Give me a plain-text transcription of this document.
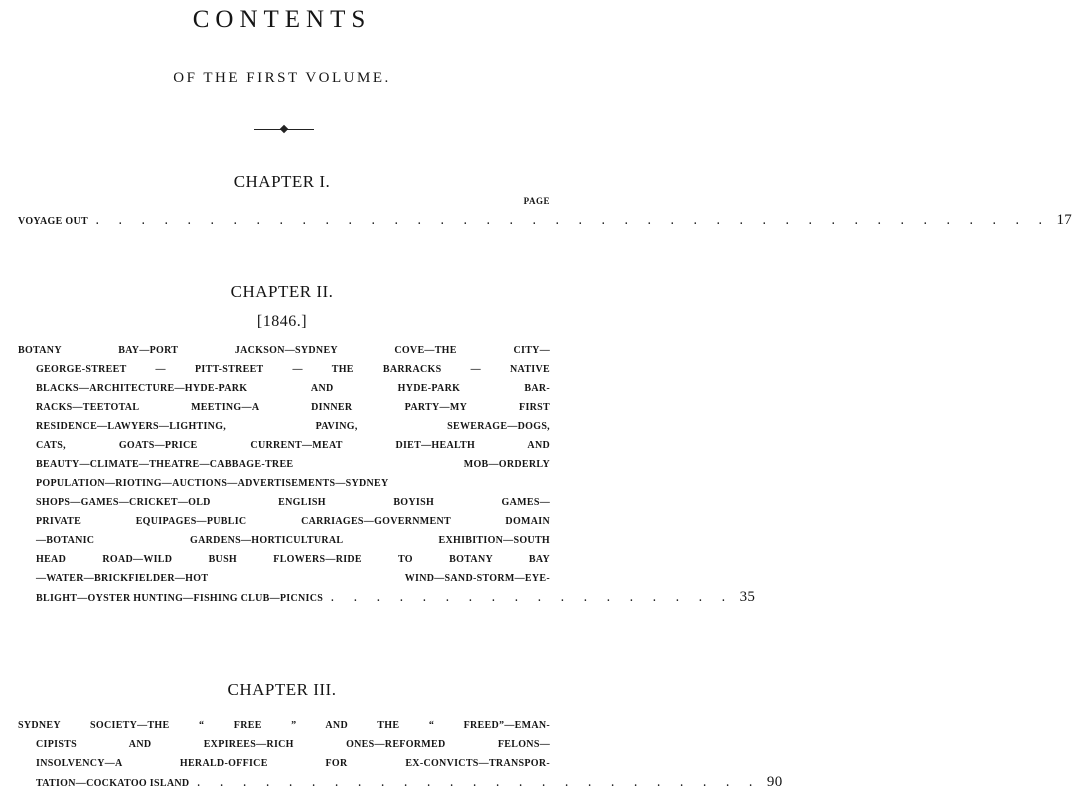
CONTENTS
OF THE FIRST VOLUME.
CHAPTER I.
PAGE
VOYAGE OUT . . . . . . . . . . . . . . . . . . . . . . . . . . . . . . . . . . . . . . . . . . 17
CHAPTER II.
[1846.]
BOTANY BAY—PORT JACKSON—SYDNEY COVE—THE CITY—
GEORGE-STREET — PITT-STREET — THE BARRACKS — NATIVE
BLACKS—ARCHITECTURE—HYDE-PARK AND HYDE-PARK BAR-
RACKS—TEETOTAL MEETING—A DINNER PARTY—MY FIRST
RESIDENCE—LAWYERS—LIGHTING, PAVING, SEWERAGE—DOGS,
CATS, GOATS—PRICE CURRENT—MEAT DIET—HEALTH AND
BEAUTY—CLIMATE—THEATRE—CABBAGE-TREE MOB—ORDERLY
POPULATION—RIOTING—AUCTIONS—ADVERTISEMENTS—SYDNEY
SHOPS—GAMES—CRICKET—OLD ENGLISH BOYISH GAMES—
PRIVATE EQUIPAGES—PUBLIC CARRIAGES—GOVERNMENT DOMAIN
—BOTANIC GARDENS—HORTICULTURAL EXHIBITION—SOUTH
HEAD ROAD—WILD BUSH FLOWERS—RIDE TO BOTANY BAY
—WATER—BRICKFIELDER—HOT WIND—SAND-STORM—EYE-
BLIGHT—OYSTER HUNTING—FISHING CLUB—PICNICS . . . . . . . . . . . . . . . . . . 35
CHAPTER III.
SYDNEY SOCIETY—THE “ FREE ” AND THE “ FREED”—EMAN-
CIPISTS AND EXPIREES—RICH ONES—REFORMED FELONS—
INSOLVENCY—A HERALD-OFFICE FOR EX-CONVICTS—TRANSPOR-
TATION—COCKATOO ISLAND . . . . . . . . . . . . . . . . . . . . . . . . . 90
